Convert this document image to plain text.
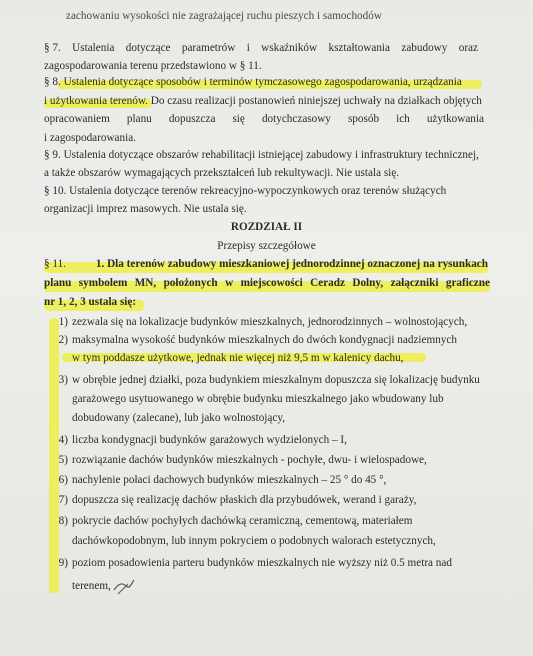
zachowaniu wysokości nie zagrażającej ruchu pieszych i samochodów
§ 7. Ustalenia dotyczące parametrów i wskaźników kształtowania zabudowy oraz
zagospodarowania terenu przedstawiono w § 11.
§ 8. Ustalenia dotyczące sposobów i terminów tymczasowego zagospodarowania, urządzania
i użytkowania terenów. Do czasu realizacji postanowień niniejszej uchwały na działkach objętych
opracowaniem planu dopuszcza się dotychczasowy sposób ich użytkowania
i zagospodarowania.
§ 9. Ustalenia dotyczące obszarów rehabilitacji istniejącej zabudowy i infrastruktury technicznej,
a także obszarów wymagających przekształceń lub rekultywacji. Nie ustala się.
§ 10. Ustalenia dotyczące terenów rekreacyjno-wypoczynkowych oraz terenów służących
organizacji imprez masowych. Nie ustala się.
ROZDZIAŁ II
Przepisy szczegółowe
§ 11.	1. Dla terenów zabudowy mieszkaniowej jednorodzinnej oznaczonej na rysunkach
planu symbolem MN, położonych w miejscowości Ceradz Dolny, załączniki graficzne
nr 1, 2, 3 ustala się:
1) zezwala się na lokalizacje budynków mieszkalnych, jednorodzinnych – wolnostojących,
2) maksymalna wysokość budynków mieszkalnych do dwóch kondygnacji nadziemnych
w tym poddasze użytkowe, jednak nie więcej niż 9,5 m w kalenicy dachu,
3) w obrębie jednej działki, poza budynkiem mieszkalnym dopuszcza się lokalizację budynku
garażowego usytuowanego w obrębie budynku mieszkalnego jako wbudowany lub
dobudowany (zalecane), lub jako wolnostojący,
4) liczba kondygnacji budynków garażowych wydzielonych – I,
5) rozwiązanie dachów budynków mieszkalnych - pochyłe, dwu- i wielospadowe,
6) nachylenie połaci dachowych budynków mieszkalnych – 25 ° do 45 °,
7) dopuszcza się realizację dachów płaskich dla przybudówek, werand i garaży,
8) pokrycie dachów pochyłych dachówką ceramiczną, cementową, materiałem
dachówkopodobnym, lub innym pokryciem o podobnych walorach estetycznych,
9) poziom posadowienia parteru budynków mieszkalnych nie wyższy niż 0.5 metra nad
terenem,
